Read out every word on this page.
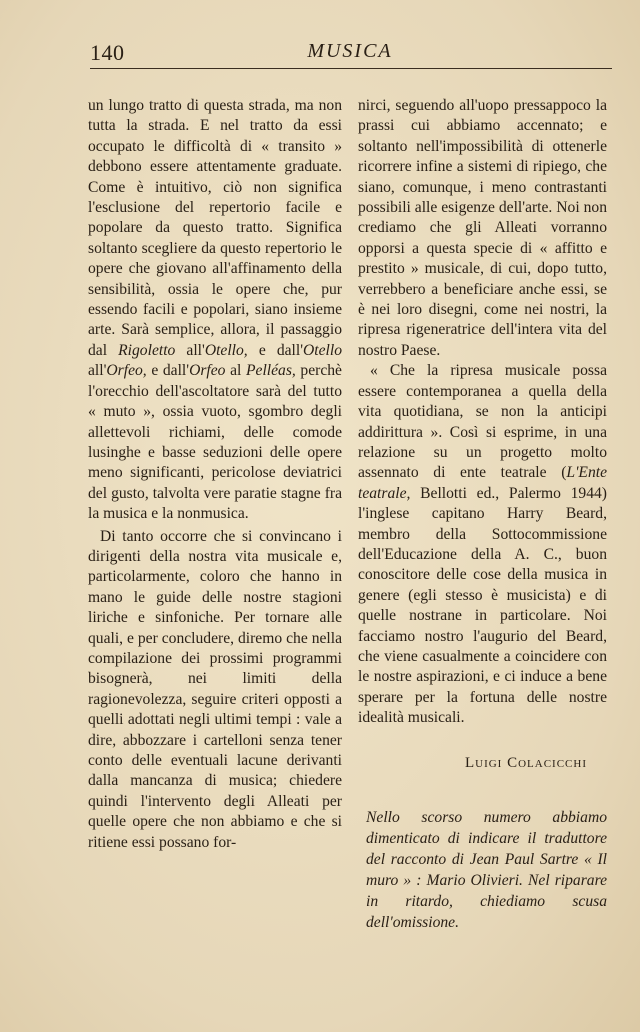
140	MUSICA

un lungo tratto di questa strada, ma non tutta la strada. E nel tratto da essi occupato le difficoltà di « transito » debbono essere attentamente graduate. Come è intuitivo, ciò non significa l'esclusione del repertorio facile e popolare da questo tratto. Significa soltanto scegliere da questo repertorio le opere che giovano all'affinamento della sensibilità, ossia le opere che, pur essendo facili e popolari, siano insieme arte. Sarà semplice, allora, il passaggio dal Rigoletto all'Otello, e dall'Otello all'Orfeo, e dall'Orfeo al Pelléas, perchè l'orecchio dell'ascoltatore sarà del tutto « muto », ossia vuoto, sgombro degli allettevoli richiami, delle comode lusinghe e basse seduzioni delle opere meno significanti, pericolose deviatrici del gusto, talvolta vere paratie stagne fra la musica e la nonmusica.

Di tanto occorre che si convincano i dirigenti della nostra vita musicale e, particolarmente, coloro che hanno in mano le guide delle nostre stagioni liriche e sinfoniche. Per tornare alle quali, e per concludere, diremo che nella compilazione dei prossimi programmi bisognerà, nei limiti della ragionevolezza, seguire criteri opposti a quelli adottati negli ultimi tempi : vale a dire, abbozzare i cartelloni senza tener conto delle eventuali lacune derivanti dalla mancanza di musica; chiedere quindi l'intervento degli Alleati per quelle opere che non abbiamo e che si ritiene essi possano for-

nirci, seguendo all'uopo pressappoco la prassi cui abbiamo accennato; e soltanto nell'impossibilità di ottenerle ricorrere infine a sistemi di ripiego, che siano, comunque, i meno contrastanti possibili alle esigenze dell'arte. Noi non crediamo che gli Alleati vorranno opporsi a questa specie di « affitto e prestito » musicale, di cui, dopo tutto, verrebbero a beneficiare anche essi, se è nei loro disegni, come nei nostri, la ripresa rigeneratrice dell'intera vita del nostro Paese.

« Che la ripresa musicale possa essere contemporanea a quella della vita quotidiana, se non la anticipi addirittura ». Così si esprime, in una relazione su un progetto molto assennato di ente teatrale (L'Ente teatrale, Bellotti ed., Palermo 1944) l'inglese capitano Harry Beard, membro della Sottocommissione dell'Educazione della A. C., buon conoscitore delle cose della musica in genere (egli stesso è musicista) e di quelle nostrane in particolare. Noi facciamo nostro l'augurio del Beard, che viene casualmente a coincidere con le nostre aspirazioni, e ci induce a bene sperare per la fortuna delle nostre idealità musicali.

Luigi Colacicchi

Nello scorso numero abbiamo dimenticato di indicare il traduttore del racconto di Jean Paul Sartre « Il muro » : Mario Olivieri. Nel riparare in ritardo, chiediamo scusa dell'omissione.
